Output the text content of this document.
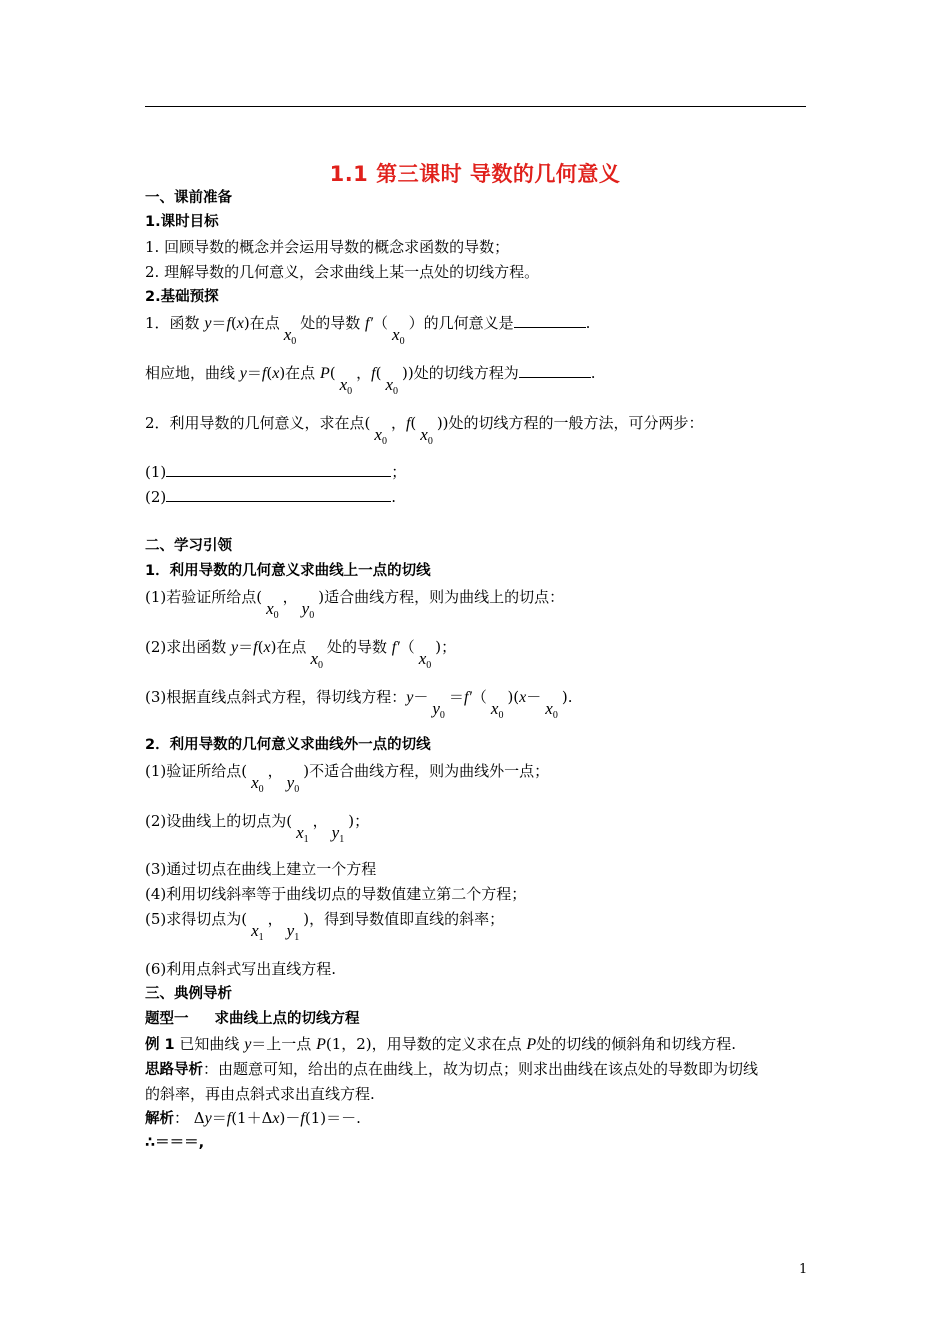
1.1 第三课时 导数的几何意义
一、课前准备
1.课时目标
1. 回顾导数的概念并会运用导数的概念求函数的导数；
2. 理解导数的几何意义，会求曲线上某一点处的切线方程。
2.基础预探
1．函数 y＝f(x)在点$x_0$处的导数 $f'(x_0)$的几何意义是	.
相应地，曲线 y＝f(x)在点 $P(x_0$，$f(x_0)$)处的切线方程为	.
2．利用导数的几何意义，求在点($x_0$，$f(x_0)$)处的切线方程的一般方法，可分两步：
(1)	；
(2)	.
二、学习引领
1．利用导数的几何意义求曲线上一点的切线
(1)若验证所给点($x_0$，$y_0$)适合曲线方程，则为曲线上的切点：
(2)求出函数 y＝f(x)在点$x_0$处的导数 $f'(x_0)$；
(3)根据直线点斜式方程，得切线方程：$y-y_0=f'(x_0)(x-x_0)$.
2．利用导数的几何意义求曲线外一点的切线
(1)验证所给点($x_0$，$y_0$)不适合曲线方程，则为曲线外一点；
(2)设曲线上的切点为($x_1$，$y_1$)；
(3)通过切点在曲线上建立一个方程
(4)利用切线斜率等于曲线切点的导数值建立第二个方程；
(5)求得切点为($x_1$，$y_1$)，得到导数值即直线的斜率；
(6)利用点斜式写出直线方程.
三、典例导析
题型一 求曲线上点的切线方程
例 1 已知曲线 y＝上一点 P(1，2)，用导数的定义求在点 P处的切线的倾斜角和切线方程.
思路导析：由题意可知，给出的点在曲线上，故为切点；则求出曲线在该点处的导数即为切线
的斜率，再由点斜式求出直线方程.
解析： Δy＝f(1＋Δx)－f(1)＝－.
∴＝＝＝,
1
